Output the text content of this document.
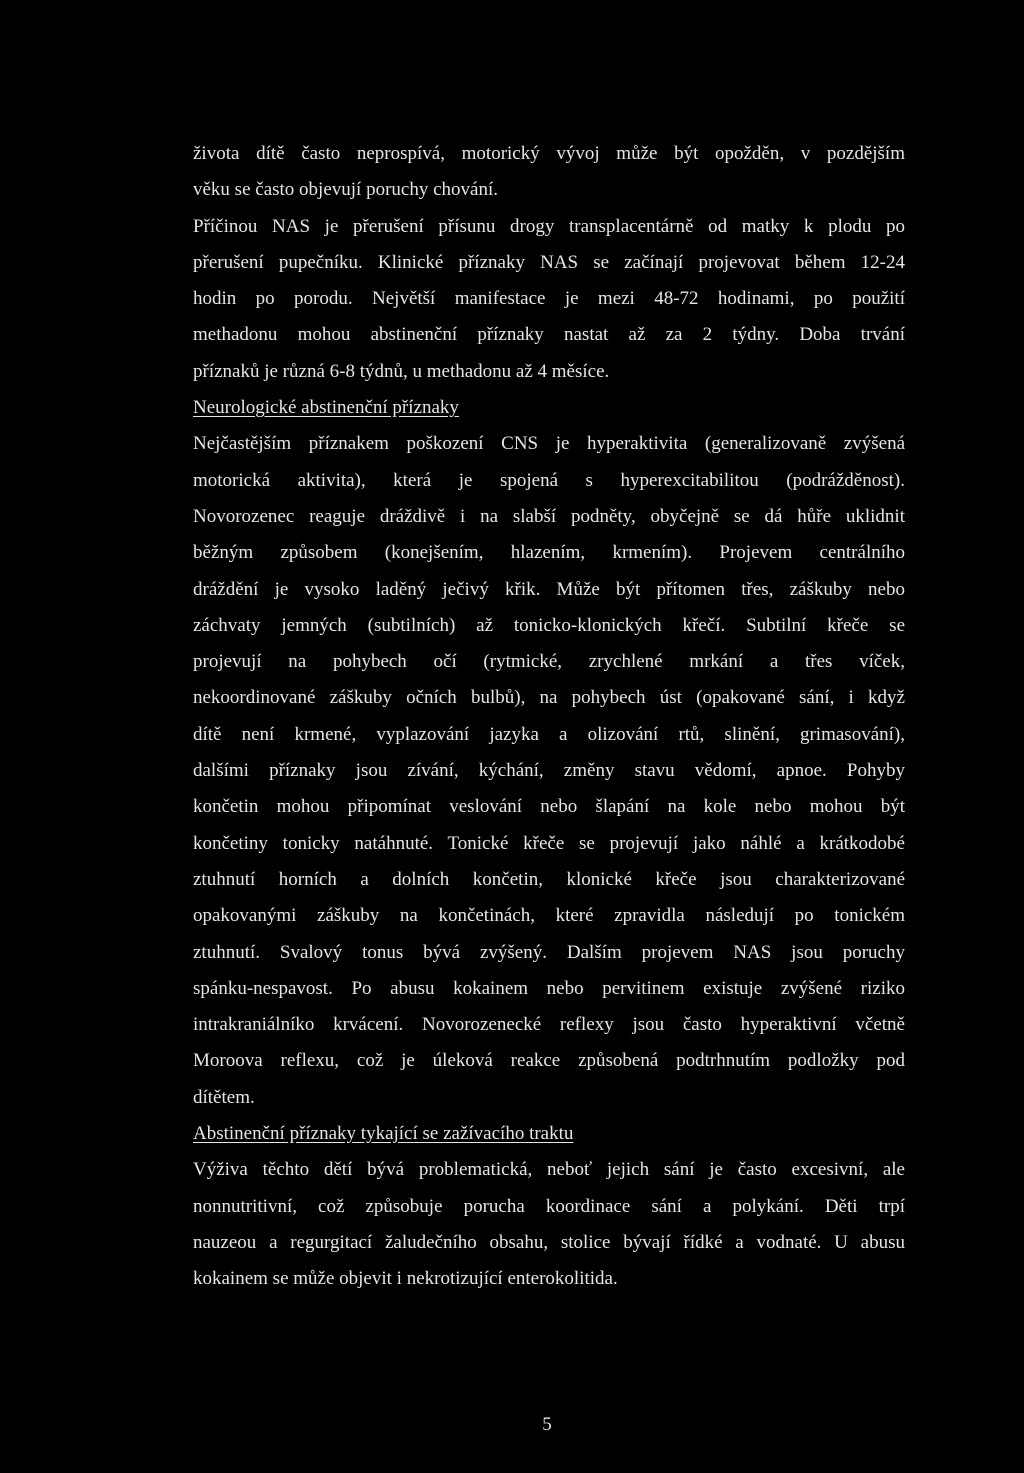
života dítě často neprospívá, motorický vývoj může být opožděn, v pozdějším
věku se často objevují poruchy chování.
Příčinou NAS je přerušení přísunu drogy transplacentárně od matky k plodu po
přerušení pupečníku. Klinické příznaky NAS se začínají projevovat během 12-24
hodin po porodu. Největší manifestace je mezi 48-72 hodinami, po použití
methadonu mohou abstinenční příznaky nastat až za 2 týdny. Doba trvání
příznaků je různá 6-8 týdnů, u methadonu až 4 měsíce.
Neurologické abstinenční příznaky
Nejčastějším příznakem poškození CNS je hyperaktivita (generalizovaně zvýšená
motorická aktivita), která je spojená s hyperexcitabilitou (podrážděnost).
Novorozenec reaguje dráždivě i na slabší podněty, obyčejně se dá hůře uklidnit
běžným způsobem (konejšením, hlazením, krmením). Projevem centrálního
dráždění je vysoko laděný ječivý křik. Může být přítomen třes, záškuby nebo
záchvaty jemných (subtilních) až tonicko-klonických křečí. Subtilní křeče se
projevují na pohybech očí (rytmické, zrychlené mrkání a třes víček,
nekoordinované záškuby očních bulbů), na pohybech úst (opakované sání, i když
dítě není krmené, vyplazování jazyka a olizování rtů, slinění, grimasování),
dalšími příznaky jsou zívání, kýchání, změny stavu vědomí, apnoe. Pohyby
končetin mohou připomínat veslování nebo šlapání na kole nebo mohou být
končetiny tonicky natáhnuté. Tonické křeče se projevují jako náhlé a krátkodobé
ztuhnutí horních a dolních končetin, klonické křeče jsou charakterizované
opakovanými záškuby na končetinách, které zpravidla následují po tonickém
ztuhnutí. Svalový tonus bývá zvýšený. Dalším projevem NAS jsou poruchy
spánku-nespavost. Po abusu kokainem nebo pervitinem existuje zvýšené riziko
intrakraniálníko krvácení. Novorozenecké reflexy jsou často hyperaktivní včetně
Moroova reflexu, což je úleková reakce způsobená podtrhnutím podložky pod
dítětem.
Abstinenční příznaky tykající se zažívacího traktu
Výživa těchto dětí bývá problematická, neboť jejich sání je často excesivní, ale
nonnutritivní, což způsobuje porucha koordinace sání a polykání. Děti trpí
nauzeou a regurgitací žaludečního obsahu, stolice bývají řídké a vodnaté. U abusu
kokainem se může objevit i nekrotizující enterokolitida.
5
